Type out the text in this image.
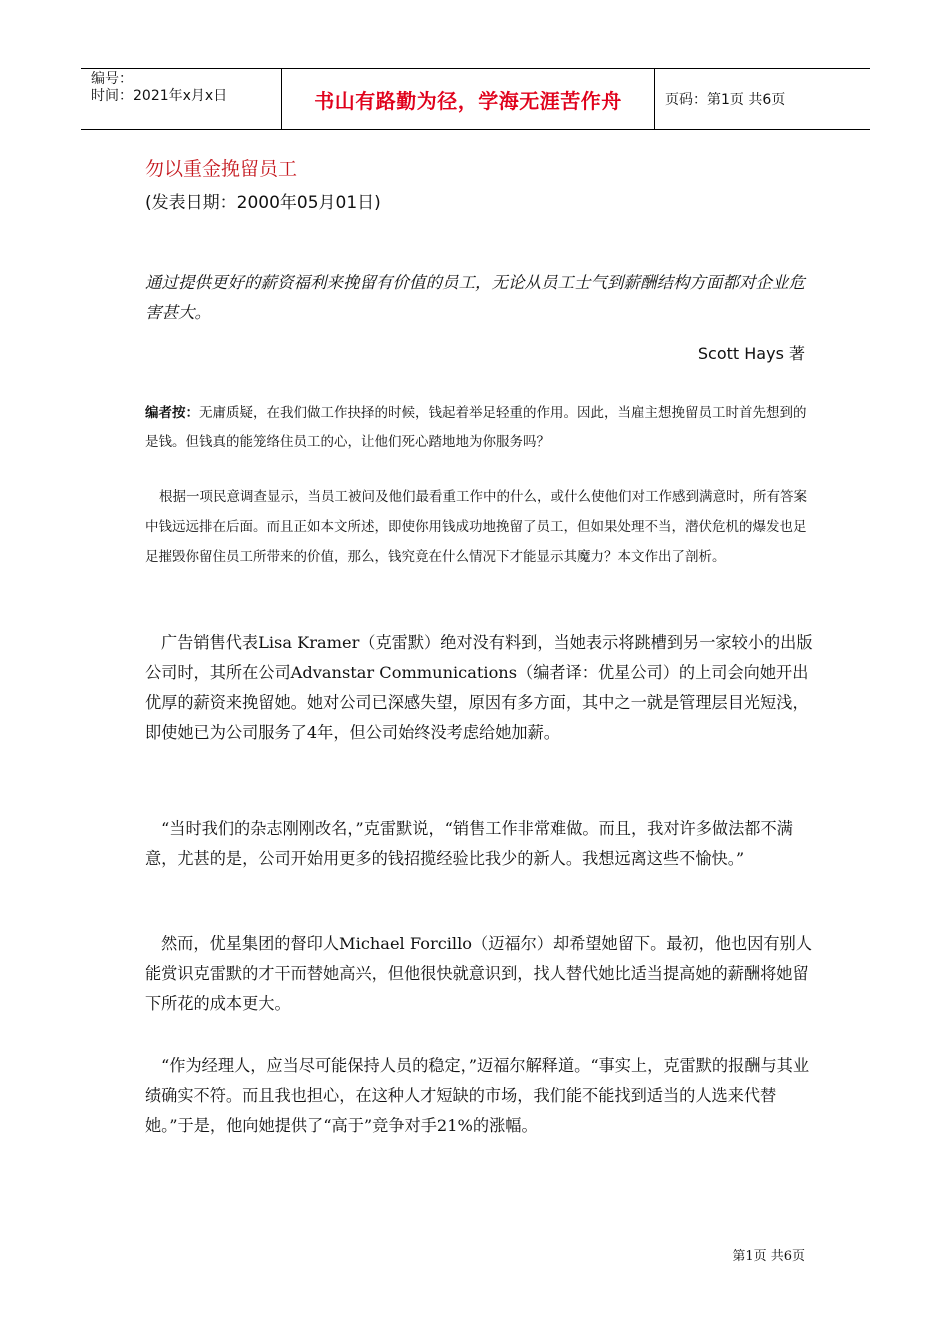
编号：
时间：2021年x月x日	书山有路勤为径，学海无涯苦作舟	页码：第1页 共6页
勿以重金挽留员工
(发表日期：2000年05月01日)

通过提供更好的薪资福利来挽留有价值的员工，无论从员工士气到薪酬结构方面都对企业危害甚大。

Scott Hays 著

编者按：无庸质疑，在我们做工作抉择的时候，钱起着举足轻重的作用。因此，当雇主想挽留员工时首先想到的是钱。但钱真的能笼络住员工的心，让他们死心踏地地为你服务吗？

根据一项民意调查显示，当员工被问及他们最看重工作中的什么，或什么使他们对工作感到满意时，所有答案中钱远远排在后面。而且正如本文所述，即使你用钱成功地挽留了员工，但如果处理不当，潜伏危机的爆发也足足摧毁你留住员工所带来的价值，那么，钱究竟在什么情况下才能显示其魔力？本文作出了剖析。

广告销售代表Lisa Kramer（克雷默）绝对没有料到，当她表示将跳槽到另一家较小的出版公司时，其所在公司Advanstar Communications（编者译：优星公司）的上司会向她开出优厚的薪资来挽留她。她对公司已深感失望，原因有多方面，其中之一就是管理层目光短浅，即使她已为公司服务了4年，但公司始终没考虑给她加薪。

“当时我们的杂志刚刚改名，”克雷默说，“销售工作非常难做。而且，我对许多做法都不满意，尤甚的是，公司开始用更多的钱招揽经验比我少的新人。我想远离这些不愉快。”

然而，优星集团的督印人Michael Forcillo（迈福尔）却希望她留下。最初，他也因有别人能赏识克雷默的才干而替她高兴，但他很快就意识到，找人替代她比适当提高她的薪酬将她留下所花的成本更大。

“作为经理人，应当尽可能保持人员的稳定，”迈福尔解释道。“事实上，克雷默的报酬与其业绩确实不符。而且我也担心，在这种人才短缺的市场，我们能不能找到适当的人选来代替她。”于是，他向她提供了“高于”竞争对手21%的涨幅。

第1页 共6页
